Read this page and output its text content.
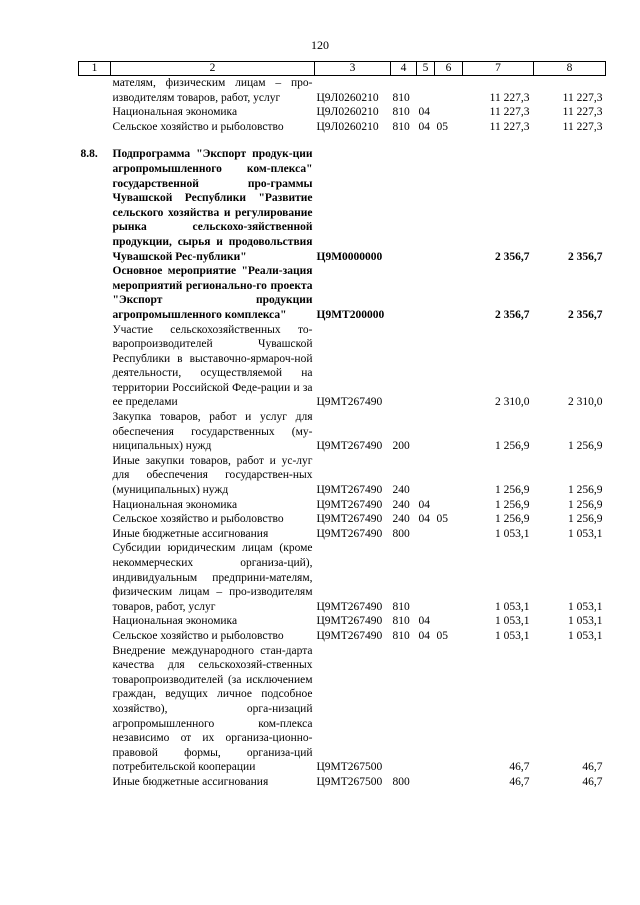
120
1	2	3	4	5	6	7	8
	мателям, физическим лицам – про-изводителям товаров, работ, услуг	Ц9Л0260210	810			11 227,3	11 227,3
	Национальная экономика	Ц9Л0260210	810	04		11 227,3	11 227,3
	Сельское хозяйство и рыболовство	Ц9Л0260210	810	04	05	11 227,3	11 227,3
8.8.	Подпрограмма "Экспорт продук-ции агропромышленного ком-плекса" государственной про-граммы Чувашской Республики "Развитие сельского хозяйства и регулирование рынка сельскохо-зяйственной продукции, сырья и продовольствия Чувашской Рес-публики"	Ц9М0000000				2 356,7	2 356,7
	Основное мероприятие "Реали-зация мероприятий регионально-го проекта "Экспорт продукции агропромышленного комплекса"	Ц9МТ200000				2 356,7	2 356,7
	Участие сельскохозяйственных то-варопроизводителей Чувашской Республики в выставочно-ярмароч-ной деятельности, осуществляемой на территории Российской Феде-рации и за ее пределами	Ц9МТ267490				2 310,0	2 310,0
	Закупка товаров, работ и услуг для обеспечения государственных (му-ниципальных) нужд	Ц9МТ267490	200			1 256,9	1 256,9
	Иные закупки товаров, работ и ус-луг для обеспечения государствен-ных (муниципальных) нужд	Ц9МТ267490	240			1 256,9	1 256,9
	Национальная экономика	Ц9МТ267490	240	04		1 256,9	1 256,9
	Сельское хозяйство и рыболовство	Ц9МТ267490	240	04	05	1 256,9	1 256,9
	Иные бюджетные ассигнования	Ц9МТ267490	800			1 053,1	1 053,1
	Субсидии юридическим лицам (кроме некоммерческих организа-ций), индивидуальным предприни-мателям, физическим лицам – про-изводителям товаров, работ, услуг	Ц9МТ267490	810			1 053,1	1 053,1
	Национальная экономика	Ц9МТ267490	810	04		1 053,1	1 053,1
	Сельское хозяйство и рыболовство	Ц9МТ267490	810	04	05	1 053,1	1 053,1
	Внедрение международного стан-дарта качества для сельскохозяй-ственных товаропроизводителей (за исключением граждан, ведущих личное подсобное хозяйство), орга-низаций агропромышленного ком-плекса независимо от их организа-ционно-правовой формы, организа-ций потребительской кооперации	Ц9МТ267500				46,7	46,7
	Иные бюджетные ассигнования	Ц9МТ267500	800			46,7	46,7
